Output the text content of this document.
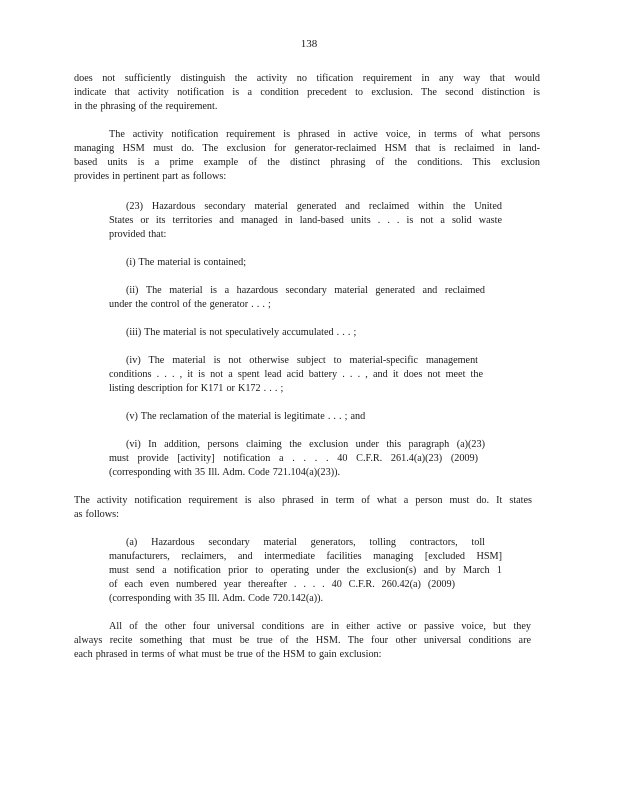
138
does not sufficiently distinguish the activity no tification requirement in any way that would
indicate that activity notification is a condition precedent to exclusion. The second distinction is
in the phrasing of the requirement.
The activity notification requirement is phrased in active voice, in terms of what persons
managing HSM must do. The exclusion for generator-reclaimed HSM that is reclaimed in land-
based units is a prime example of the distinct phrasing of the conditions. This exclusion
provides in pertinent part as follows:
(23) Hazardous secondary material generated and reclaimed within the United
States or its territories and managed in land-based units . . . is not a solid waste
provided that:
(i) The material is contained;
(ii) The material is a hazardous secondary material generated and reclaimed
under the control of the generator . . . ;
(iii) The material is not speculatively accumulated . . . ;
(iv) The material is not otherwise subject to material-specific management
conditions . . . , it is not a spent lead acid battery . . . , and it does not meet the
listing description for K171 or K172 . . . ;
(v) The reclamation of the material is legitimate . . . ; and
(vi) In addition, persons claiming the exclusion under this paragraph (a)(23)
must provide [activity] notification a . . . . 40 C.F.R. 261.4(a)(23) (2009)
(corresponding with 35 Ill. Adm. Code 721.104(a)(23)).
The activity notification requirement is also phrased in term of what a person must do. It states
as follows:
(a) Hazardous secondary material generators, tolling contractors, toll
manufacturers, reclaimers, and intermediate facilities managing [excluded HSM]
must send a notification prior to operating under the exclusion(s) and by March 1
of each even numbered year thereafter . . . . 40 C.F.R. 260.42(a) (2009)
(corresponding with 35 Ill. Adm. Code 720.142(a)).
All of the other four universal conditions are in either active or passive voice, but they
always recite something that must be true of the HSM. The four other universal conditions are
each phrased in terms of what must be true of the HSM to gain exclusion:
